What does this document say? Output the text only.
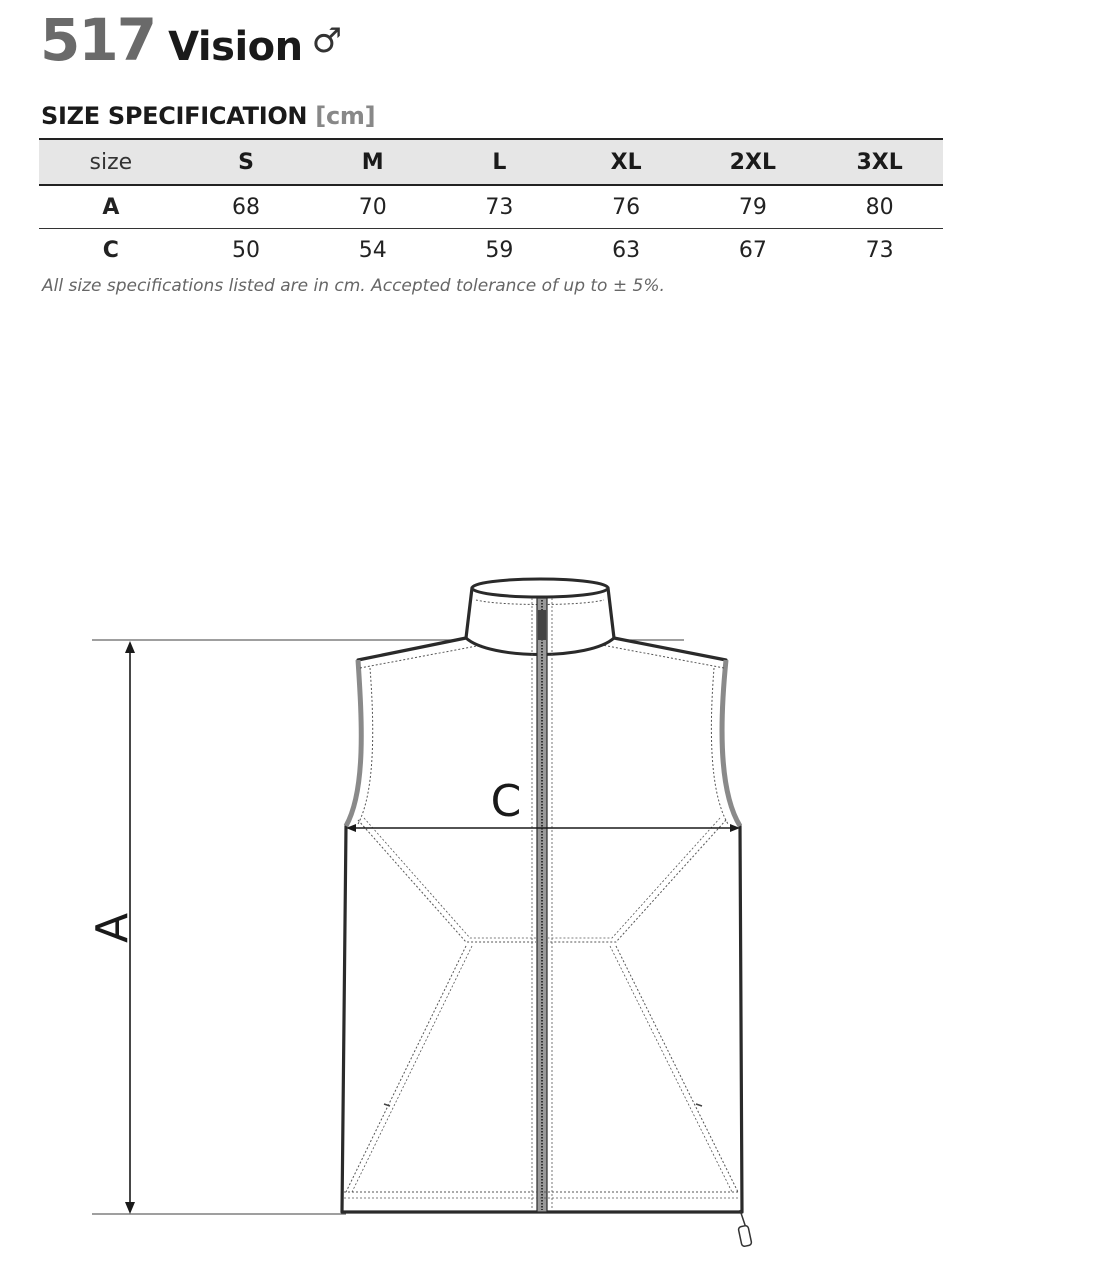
517 Vision ♂
SIZE SPECIFICATION [cm]
size	S	M	L	XL	2XL	3XL
A	68	70	73	76	79	80
C	50	54	59	63	67	73
All size specifications listed are in cm. Accepted tolerance of up to ± 5%.
A
C
